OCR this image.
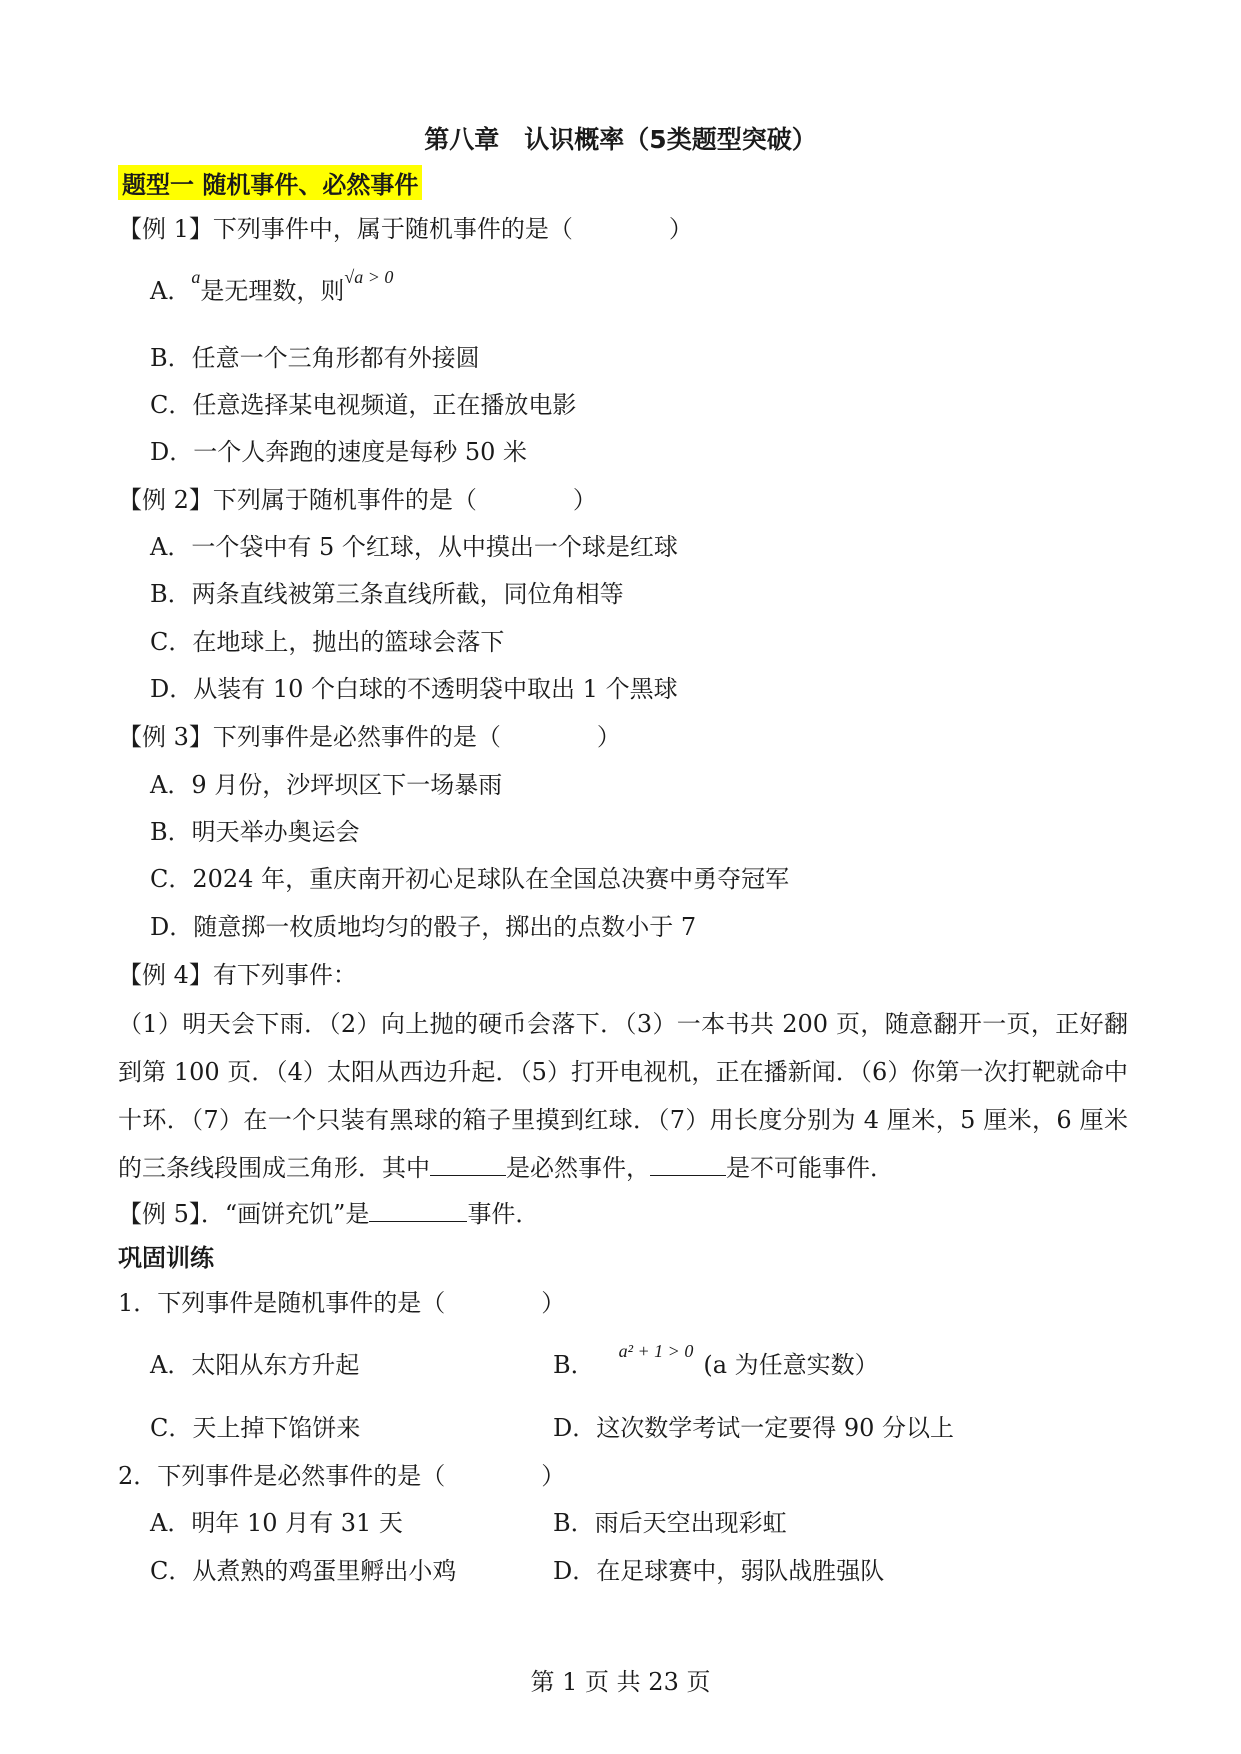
第八章　认识概率（5类题型突破）
题型一 随机事件、必然事件
【例 1】下列事件中，属于随机事件的是（　　　　）
A．$^a$是无理数，则$^{√a > 0}$
B．任意一个三角形都有外接圆
C．任意选择某电视频道，正在播放电影
D．一个人奔跑的速度是每秒 50 米
【例 2】下列属于随机事件的是（　　　　）
A．一个袋中有 5 个红球，从中摸出一个球是红球
B．两条直线被第三条直线所截，同位角相等
C．在地球上，抛出的篮球会落下
D．从装有 10 个白球的不透明袋中取出 1 个黑球
【例 3】下列事件是必然事件的是（　　　　）
A．9 月份，沙坪坝区下一场暴雨
B．明天举办奥运会
C．2024 年，重庆南开初心足球队在全国总决赛中勇夺冠军
D．随意掷一枚质地均匀的骰子，掷出的点数小于 7
【例 4】有下列事件：
（1）明天会下雨．（2）向上抛的硬币会落下．（3）一本书共 200 页，随意翻开一页，正好翻到第 100 页．（4）太阳从西边升起．（5）打开电视机，正在播新闻．（6）你第一次打靶就命中十环．（7）在一个只装有黑球的箱子里摸到红球．（7）用长度分别为 4 厘米，5 厘米，6 厘米的三条线段围成三角形．其中	是必然事件，	是不可能事件．
【例 5】．“画饼充饥”是	事件．
巩固训练
1．下列事件是随机事件的是（　　　　）
A．太阳从东方升起	B． $^{a^2 + 1 > 0}$ (a 为任意实数）
C．天上掉下馅饼来	D．这次数学考试一定要得 90 分以上
2．下列事件是必然事件的是（　　　　）
A．明年 10 月有 31 天	B．雨后天空出现彩虹
C．从煮熟的鸡蛋里孵出小鸡	D．在足球赛中，弱队战胜强队
第 1 页 共 23 页
